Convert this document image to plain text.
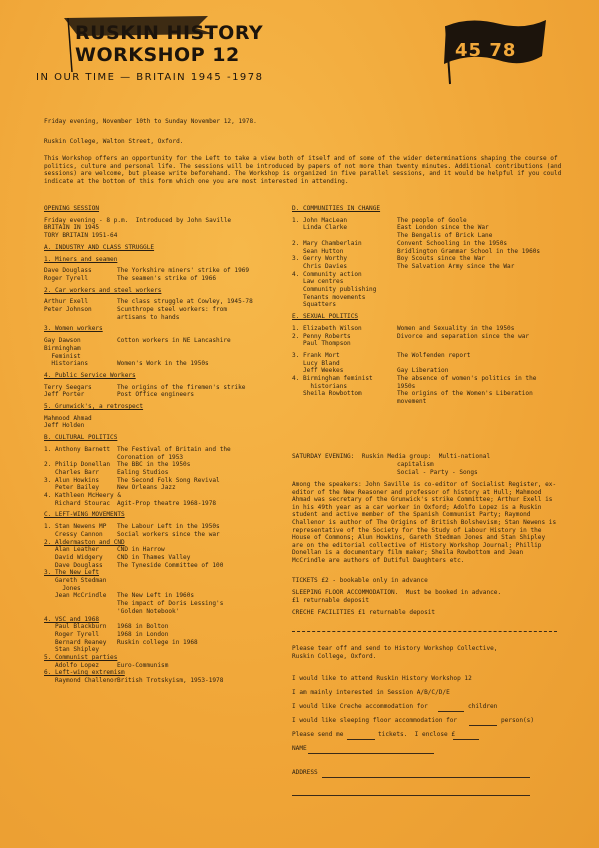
RUSKIN HISTORY
WORKSHOP 12
IN OUR TIME — BRITAIN 1945 -1978
45 78
Friday evening, November 10th to Sunday November 12, 1978.
Ruskin College, Walton Street, Oxford.
This Workshop offers an opportunity for the Left to take a view both of itself and of some of the wider determinations shaping the course of politics, culture and personal life. The sessions will be introduced by papers of not more than twenty minutes. Additional contributions (and sessions) are welcome, but please write beforehand. The Workshop is organized in five parallel sessions, and it would be helpful if you could indicate at the bottom of this form which one you are most interested in attending.
OPENING SESSION
Friday evening - 8 p.m.  Introduced by John Saville
BRITAIN IN 1945
TORY BRITAIN 1951-64
A. INDUSTRY AND CLASS STRUGGLE
1. Miners and seamen
Dave Douglass	The Yorkshire miners' strike of 1969
Roger Tyrell	The seamen's strike of 1966
2. Car workers and steel workers
Arthur Exell	The class struggle at Cowley, 1945-78
Peter Johnson	Scunthrope steel workers: from
artisans to hands
3. Women workers
Gay Dawson	Cotton workers in NE Lancashire
Birmingham
Feminist
Historians	Women's Work in the 1950s
4. Public Service Workers
Terry Seegars	The origins of the firemen's strike
Jeff Porter	Post Office engineers
5. Grunwick's, a retrospect
Mahmood Ahmad
Jeff Holden
B. CULTURAL POLITICS
1. Anthony Barnett The Festival of Britain and the
Coronation of 1953
2. Philip Donellan The BBC in the 1950s
Charles Barr	Ealing Studios
3. Alun Howkins	The Second Folk Song Revival
Peter Bailey	New Orleans Jazz
4. Kathleen McHeery &
Richard Stourac Agit-Prop theatre 1968-1978
C. LEFT-WING MOVEMENTS
1. Stan Newens MP The Labour Left in the 1950s
Cressy Cannon Social workers since the war
2. Aldermaston and CND
Alan Leather	CND in Harrow
David Widgery CND in Thames Valley
Dave Douglass The Tyneside Committee of 100
3. The New Left
Gareth Stedman
Jones
Jean McCrindle The New Left in 1960s
The impact of Doris Lessing's
'Golden Notebook'
4. VSC and 1968
Paul Blackburn 1968 in Bolton
Roger Tyrell	1968 in London
Bernard Reaney Ruskin college in 1968
Stan Shipley
5. Communist parties
Adolfo Lopez	Euro-Communism
6. Left-wing extremism
Raymond Challenor British Trotskyism, 1953-1978
D. COMMUNITIES IN CHANGE
1. John MacLean	The people of Goole
Linda Clarke	East London since the War
The Bengalis of Brick Lane
2. Mary Chamberlain	Convent Schooling in the 1950s
Sean Hutton	Bridlington Grammar School in the 1960s
3. Gerry Worthy	Boy Scouts since the War
Chris Davies	The Salvation Army since the War
4. Community action
Law centres
Community publishing
Tenants movements
Squatters
E. SEXUAL POLITICS
1. Elizabeth Wilson	Women and Sexuality in the 1950s
2. Penny Roberts	Divorce and separation since the war
Paul Thompson
3. Frank Mort	The Wolfenden report
Lucy Bland
Jeff Weekes	Gay Liberation
4. Birmingham feminist	The absence of women's politics in the
historians	1950s
Sheila Rowbottom	The origins of the Women's Liberation
movement
SATURDAY EVENING:  Ruskin Media group:  Multi-national
capitalism
Social - Party - Songs
Among the speakers: John Saville is co-editor of Socialist Register, ex-editor of the New Reasoner and professor of history at Hull; Mahmood Ahmad was secretary of the Grunwick's strike Committee; Arthur Exell is in his 49th year as a car worker in Oxford; Adolfo Lopez is a Ruskin student and active member of the Spanish Communist Party; Raymond Challenor is author of The Origins of British Bolshevism; Stan Newens is representative of the Society for the Study of Labour History in the House of Commons; Alun Howkins, Gareth Stedman Jones and Stan Shipley are on the editorial collective of History Workshop Journal; Phillip Donellan is a documentary film maker; Sheila Rowbottom and Jean McCrindle are authors of Dutiful Daughters etc.
TICKETS £2 - bookable only in advance
SLEEPING FLOOR ACCOMMODATION.  Must be booked in advance.
£1 returnable deposit
CRECHE FACILITIES £1 returnable deposit
Please tear off and send to History Workshop Collective,
Ruskin College, Oxford.
I would like to attend Ruskin History Workshop 12
I am mainly interested in Session A/B/C/D/E
I would like Creche accommodation for	children
I would like sleeping floor accommodation for	person(s)
Please send me	tickets.  I enclose £
NAME
ADDRESS
